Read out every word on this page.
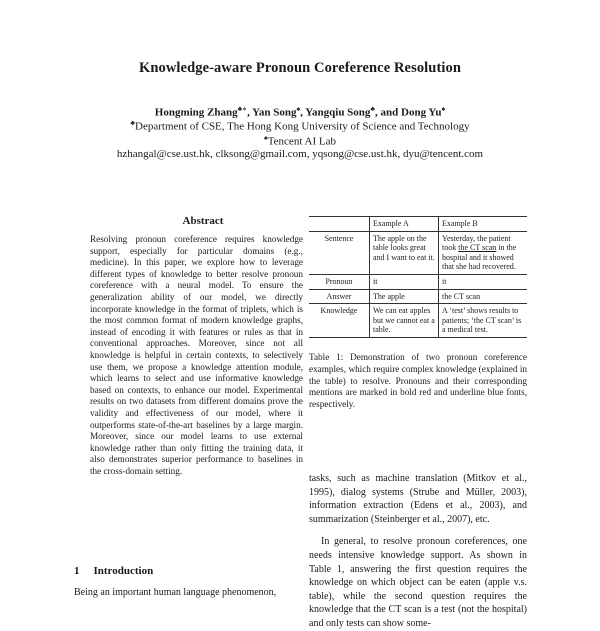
Knowledge-aware Pronoun Coreference Resolution
Hongming Zhang♣∗, Yan Song♠, Yangqiu Song♣, and Dong Yu♠
♣Department of CSE, The Hong Kong University of Science and Technology
♠Tencent AI Lab
hzhangal@cse.ust.hk, clksong@gmail.com, yqsong@cse.ust.hk, dyu@tencent.com
Abstract
Resolving pronoun coreference requires knowledge support, especially for particular domains (e.g., medicine). In this paper, we explore how to leverage different types of knowledge to better resolve pronoun coreference with a neural model. To ensure the generalization ability of our model, we directly incorporate knowledge in the format of triplets, which is the most common format of modern knowledge graphs, instead of encoding it with features or rules as that in conventional approaches. Moreover, since not all knowledge is helpful in certain contexts, to selectively use them, we propose a knowledge attention module, which learns to select and use informative knowledge based on contexts, to enhance our model. Experimental results on two datasets from different domains prove the validity and effectiveness of our model, where it outperforms state-of-the-art baselines by a large margin. Moreover, since our model learns to use external knowledge rather than only fitting the training data, it also demonstrates superior performance to baselines in the cross-domain setting.
1 Introduction
Being an important human language phenomenon,
	Example A	Example B
Sentence	The apple on the table looks great and I want to eat it.	Yesterday, the patient took the CT scan in the hospital and it showed that she had recovered.
Pronoun	it	it
Answer	The apple	the CT scan
Knowledge	We can eat apples but we cannot eat a table.	A ‘test’ shows results to patients; ‘the CT scan’ is a medical test.
Table 1: Demonstration of two pronoun coreference examples, which require complex knowledge (explained in the table) to resolve. Pronouns and their corresponding mentions are marked in bold red and underline blue fonts, respectively.

tasks, such as machine translation (Mitkov et al., 1995), dialog systems (Strube and Müller, 2003), information extraction (Edens et al., 2003), and summarization (Steinberger et al., 2007), etc.

In general, to resolve pronoun coreferences, one needs intensive knowledge support. As shown in Table 1, answering the first question requires the knowledge on which object can be eaten (apple v.s. table), while the second question requires the knowledge that the CT scan is a test (not the hospital) and only tests can show some-
